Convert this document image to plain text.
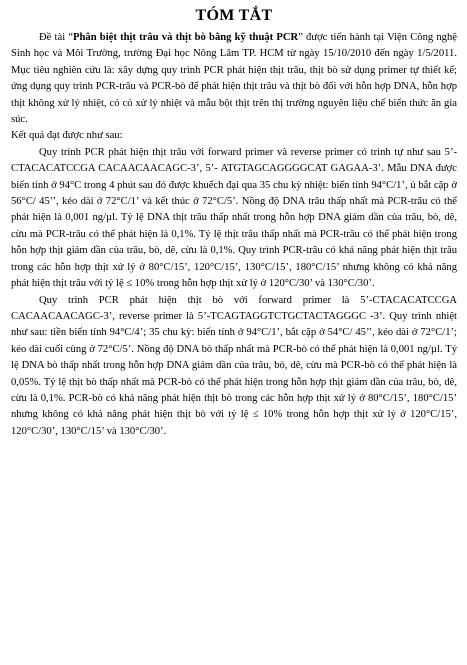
TÓM TẮT

Đề tài “Phân biệt thịt trâu và thịt bò bằng kỹ thuật PCR” được tiến hành tại Viện Công nghệ Sinh học và Môi Trường, trường Đại học Nông Lâm TP. HCM từ ngày 15/10/2010 đến ngày 1/5/2011. Mục tiêu nghiên cứu là: xây dựng quy trình PCR phát hiện thịt trâu, thịt bò sử dụng primer tự thiết kế; ứng dụng quy trình PCR-trâu và PCR-bò để phát hiện thịt trâu và thịt bò đối với hỗn hợp DNA, hỗn hợp thịt không xử lý nhiệt, có có xử lý nhiệt và mẫu bột thịt trên thị trường nguyên liệu chế biến thức ăn gia súc.

Kết quả đạt được như sau:

Quy trình PCR phát hiện thịt trâu với forward primer và reverse primer có trình tự như sau 5’- CTACACATCCGA CACAACAACAGC-3’, 5’- ATGTAGCAGGGGCAT GAGAA-3’. Mẫu DNA được biến tính ở 94°C trong 4 phút sau đó được khuếch đại qua 35 chu kỳ nhiệt: biến tính 94°C/1’, ủ bắt cặp ở 56°C/ 45’’, kéo dài ở 72°C/1’ và kết thúc ở 72°C/5’. Nồng độ DNA trâu thấp nhất mà PCR-trâu có thể phát hiện là 0,001 ng/µl. Tỷ lệ DNA thịt trâu thấp nhất trong hỗn hợp DNA giảm dần của trâu, bò, dê, cừu mà PCR-trâu có thể phát hiện là 0,1%. Tỷ lệ thịt trâu thấp nhất mà PCR-trâu có thể phát hiện trong hỗn hợp thịt giảm dần của trâu, bò, dê, cừu là 0,1%. Quy trình PCR-trâu có khả năng phát hiện thịt trâu trong các hỗn hợp thịt xử lý ở 80°C/15’, 120°C/15’, 130°C/15’, 180°C/15’ nhưng không có khả năng phát hiện thịt trâu với tỷ lệ ≤ 10% trong hỗn hợp thịt xử lý ở 120°C/30’ và 130°C/30’.

Quy trình PCR phát hiện thịt bò với forward primer là 5’-CTACACATCCGA CACAACAACAGC-3’, reverse primer là 5’-TCAGTAGGTCTGCTACTAGGGC -3’. Quy trình nhiệt như sau: tiền biến tính 94°C/4’; 35 chu kỳ: biến tính ở 94°C/1’, bắt cặp ở 54°C/ 45’’, kéo dài ở 72°C/1’; kéo dài cuối cùng ở 72°C/5’. Nồng độ DNA bò thấp nhất mà PCR-bò có thể phát hiện là 0,001 ng/µl. Tỷ lệ DNA bò thấp nhất trong hỗn hợp DNA giảm dần của trâu, bò, dê, cừu mà PCR-bò có thể phát hiện là 0,05%. Tỷ lệ thịt bò thấp nhất mà PCR-bò có thể phát hiện trong hỗn hợp thịt giảm dần của trâu, bò, dê, cừu là 0,1%. PCR-bò có khả năng phát hiện thịt bò trong các hỗn hợp thịt xử lý ở 80°C/15’, 180°C/15’ nhưng không có khả năng phát hiện thịt bò với tỷ lệ ≤ 10% trong hỗn hợp thịt xử lý ở 120°C/15’, 120°C/30’, 130°C/15’ và 130°C/30’.
